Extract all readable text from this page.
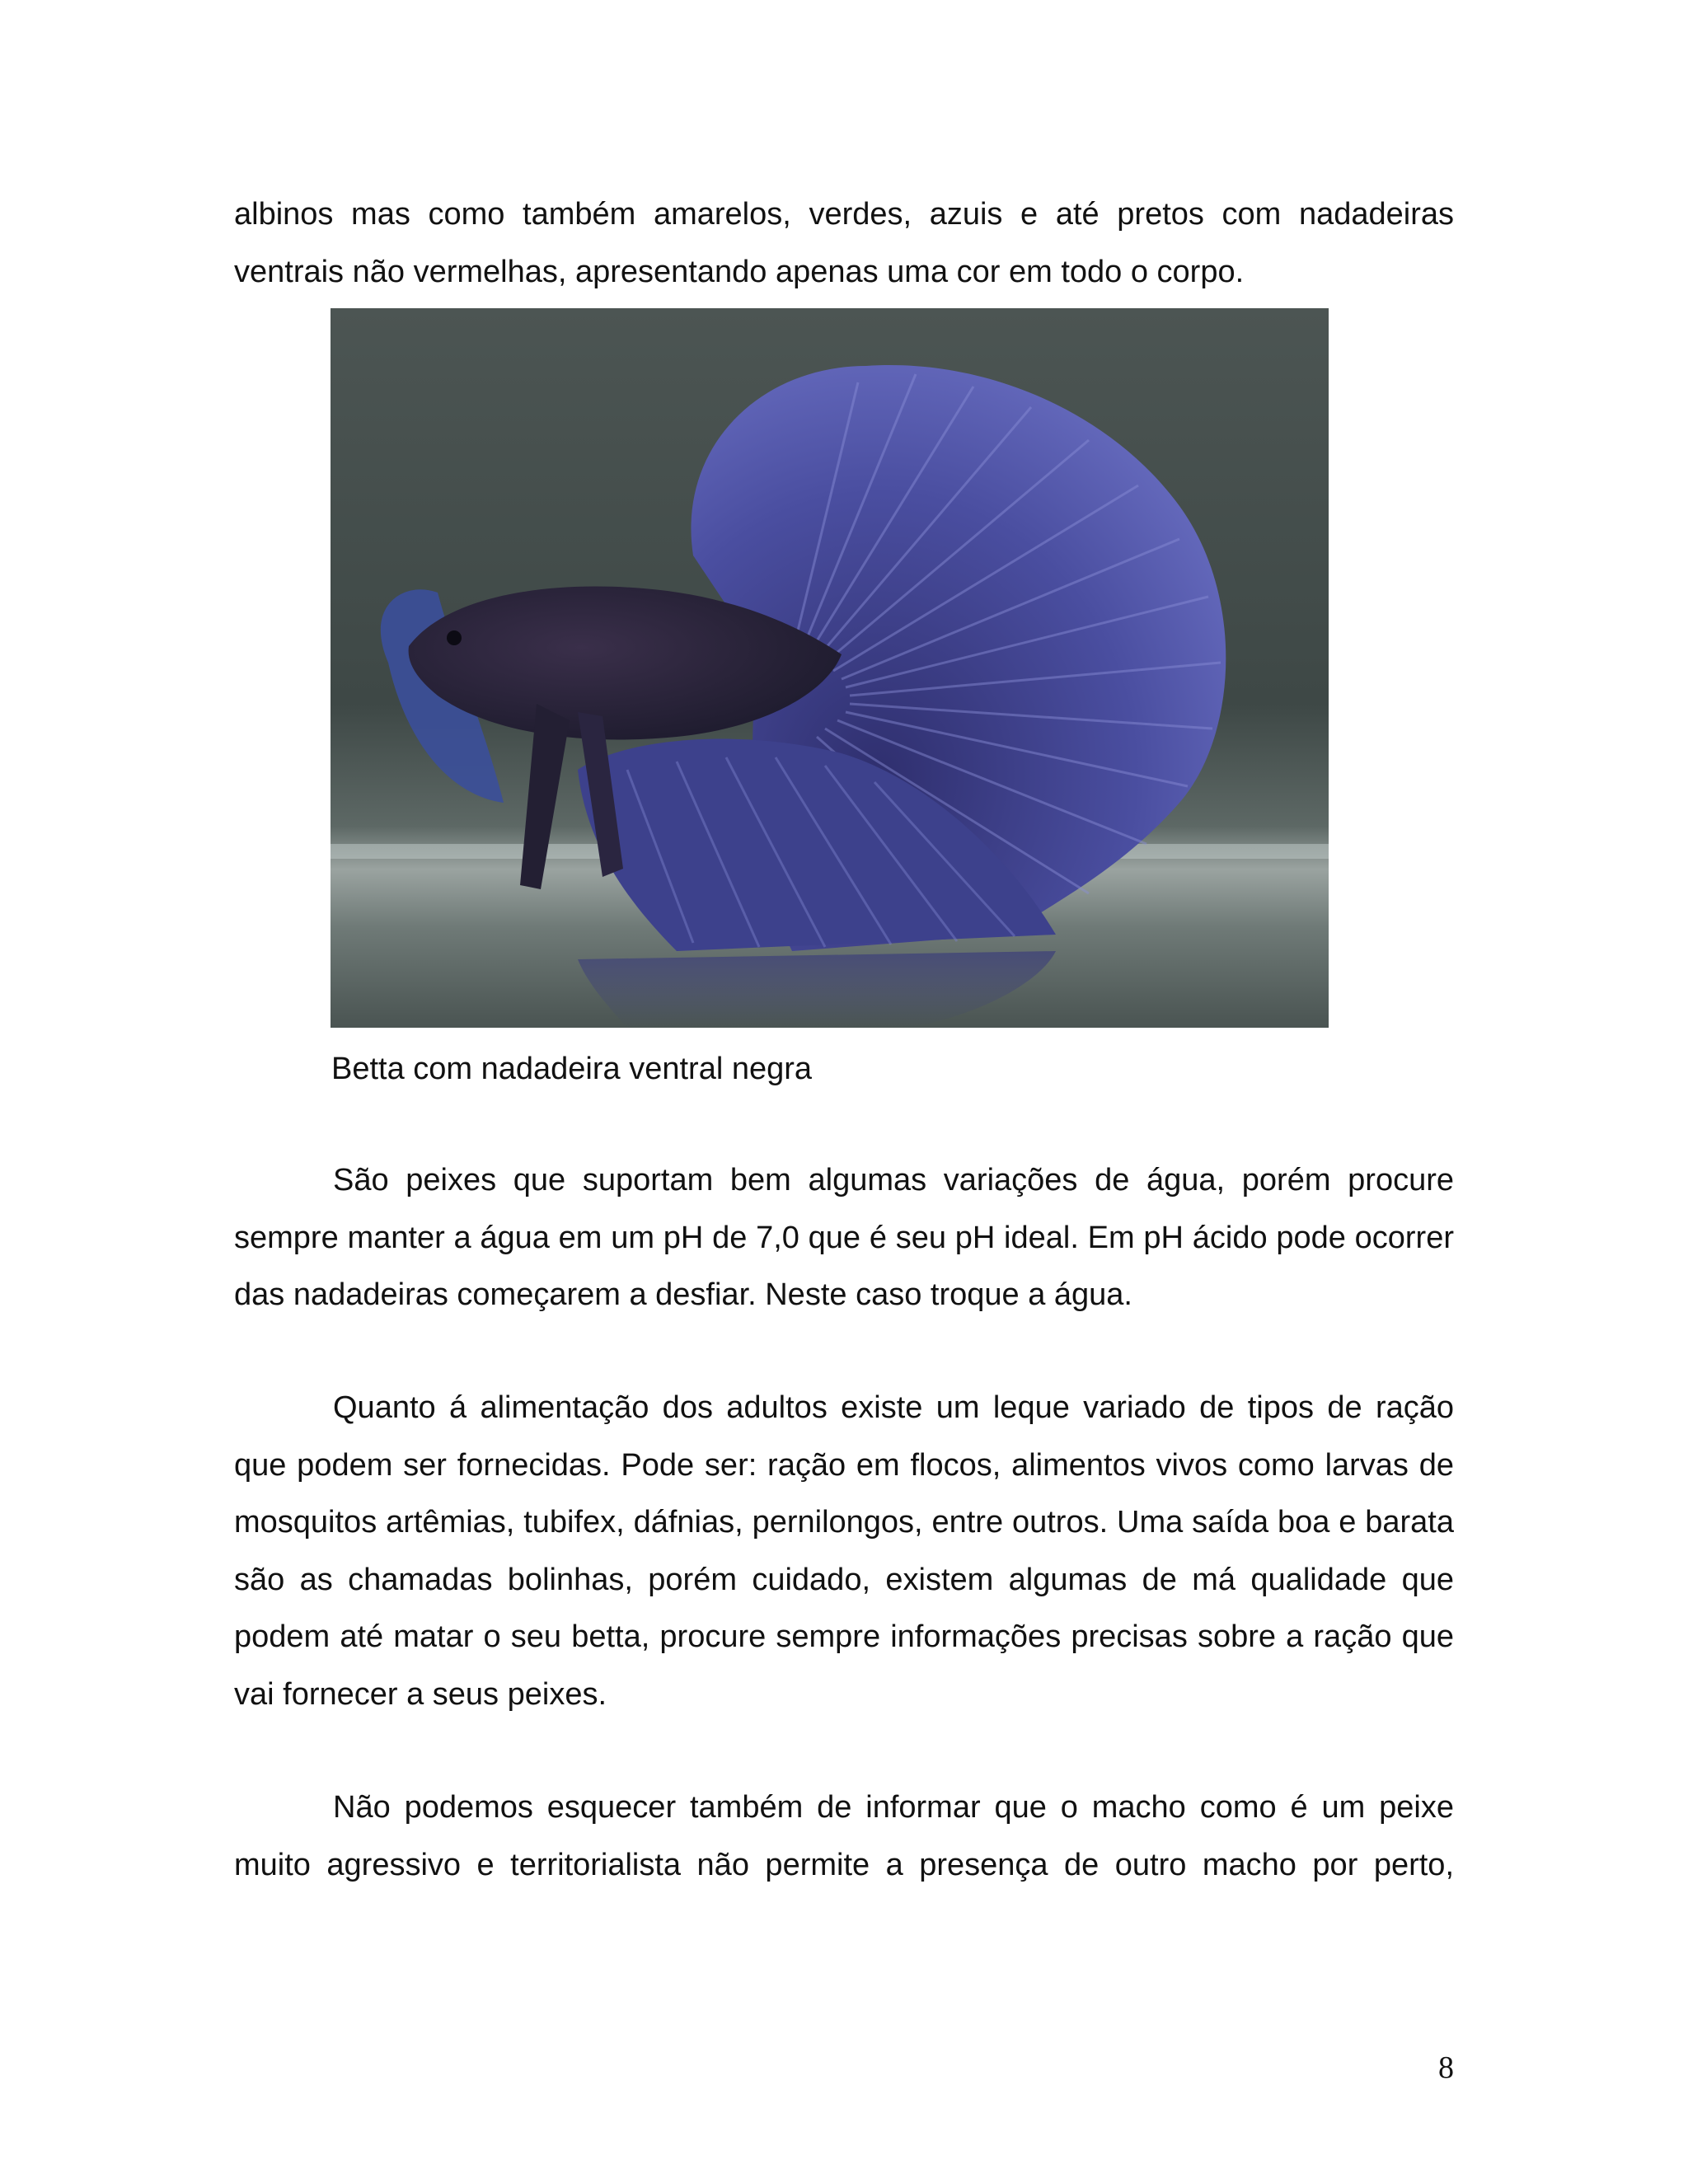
albinos mas como também amarelos, verdes, azuis e até pretos com nadadeiras ventrais não vermelhas, apresentando apenas uma cor em todo o corpo.

Betta com nadadeira ventral negra

São peixes que suportam bem algumas variações de água, porém procure sempre manter a água em um pH de 7,0 que é seu pH ideal. Em pH ácido pode ocorrer das nadadeiras começarem a desfiar. Neste caso troque a água.

Quanto á alimentação dos adultos existe um leque variado de tipos de ração que podem ser fornecidas. Pode ser: ração em flocos, alimentos vivos como larvas de mosquitos artêmias, tubifex, dáfnias, pernilongos, entre outros. Uma saída boa e barata são as chamadas bolinhas, porém cuidado, existem algumas de má qualidade que podem até matar o seu betta, procure sempre informações precisas sobre a ração que vai fornecer a seus peixes.

Não podemos esquecer também de informar que o macho como é um peixe muito agressivo e territorialista não permite a presença de outro macho por perto,

8
